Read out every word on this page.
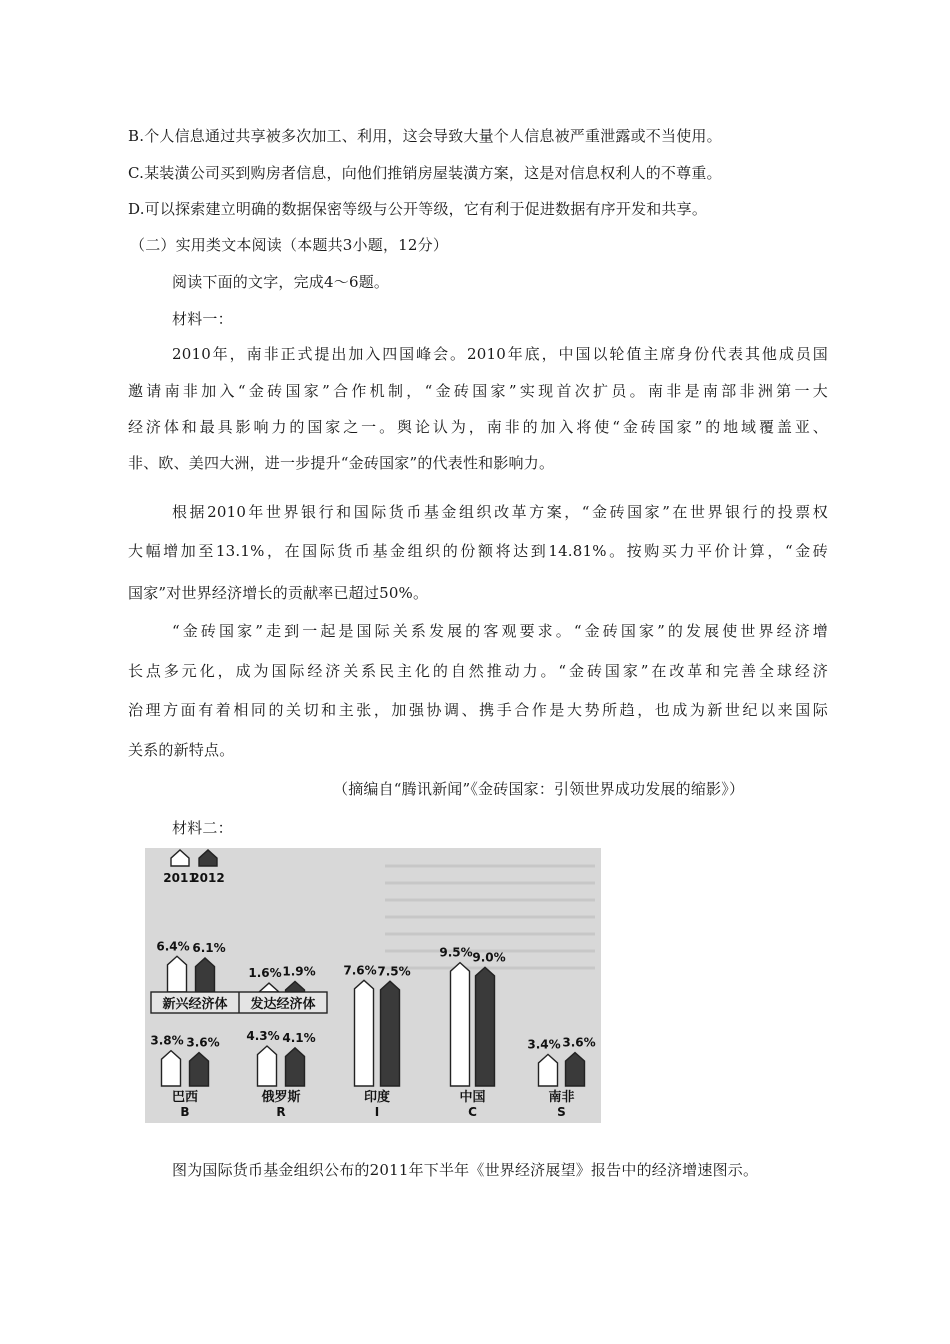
B.个人信息通过共享被多次加工、利用，这会导致大量个人信息被严重泄露或不当使用。
C.某装潢公司买到购房者信息，向他们推销房屋装潢方案，这是对信息权利人的不尊重。
D.可以探索建立明确的数据保密等级与公开等级，它有利于促进数据有序开发和共享。
（二）实用类文本阅读（本题共3小题，12分）
阅读下面的文字，完成4～6题。
材料一：
2010年，南非正式提出加入四国峰会。2010年底，中国以轮值主席身份代表其他成员国
邀请南非加入“金砖国家”合作机制，“金砖国家”实现首次扩员。南非是南部非洲第一大
经济体和最具影响力的国家之一。舆论认为，南非的加入将使“金砖国家”的地域覆盖亚、
非、欧、美四大洲，进一步提升“金砖国家”的代表性和影响力。
根据2010年世界银行和国际货币基金组织改革方案，“金砖国家”在世界银行的投票权
大幅增加至13.1%，在国际货币基金组织的份额将达到14.81%。按购买力平价计算，“金砖
国家”对世界经济增长的贡献率已超过50%。
“金砖国家”走到一起是国际关系发展的客观要求。“金砖国家”的发展使世界经济增
长点多元化，成为国际经济关系民主化的自然推动力。“金砖国家”在改革和完善全球经济
治理方面有着相同的关切和主张，加强协调、携手合作是大势所趋，也成为新世纪以来国际
关系的新特点。
（摘编自“腾讯新闻”《金砖国家：引领世界成功发展的缩影》）
材料二：
2011
2012
6.4% 6.1%
1.6% 1.9%
新兴经济体 发达经济体
3.8% 3.6%
巴西
B
4.3% 4.1%
俄罗斯
R
7.6% 7.5%
印度
I
9.5% 9.0%
中国
C
3.4% 3.6%
南非
S
图为国际货币基金组织公布的2011年下半年《世界经济展望》报告中的经济增速图示。
